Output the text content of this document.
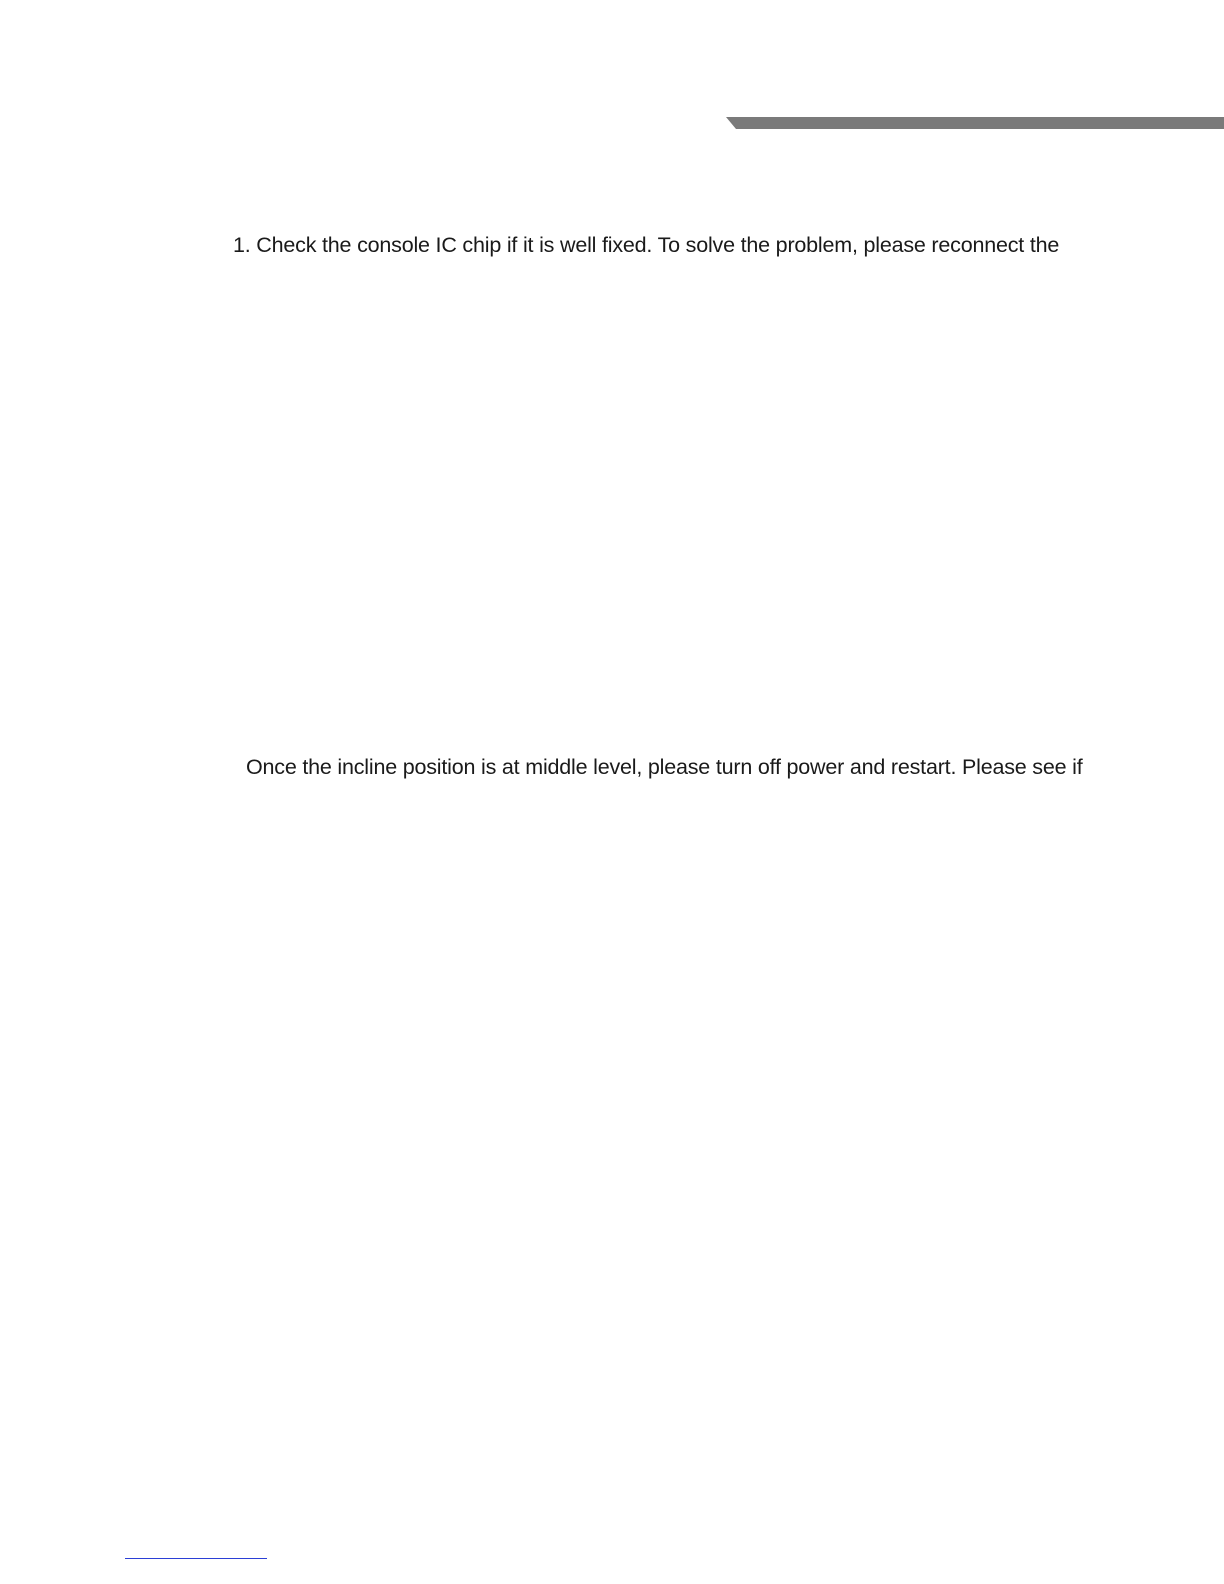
1. Check the console IC chip if it is well fixed. To solve the problem, please reconnect the
Once the incline position is at middle level, please turn off power and restart. Please see if
